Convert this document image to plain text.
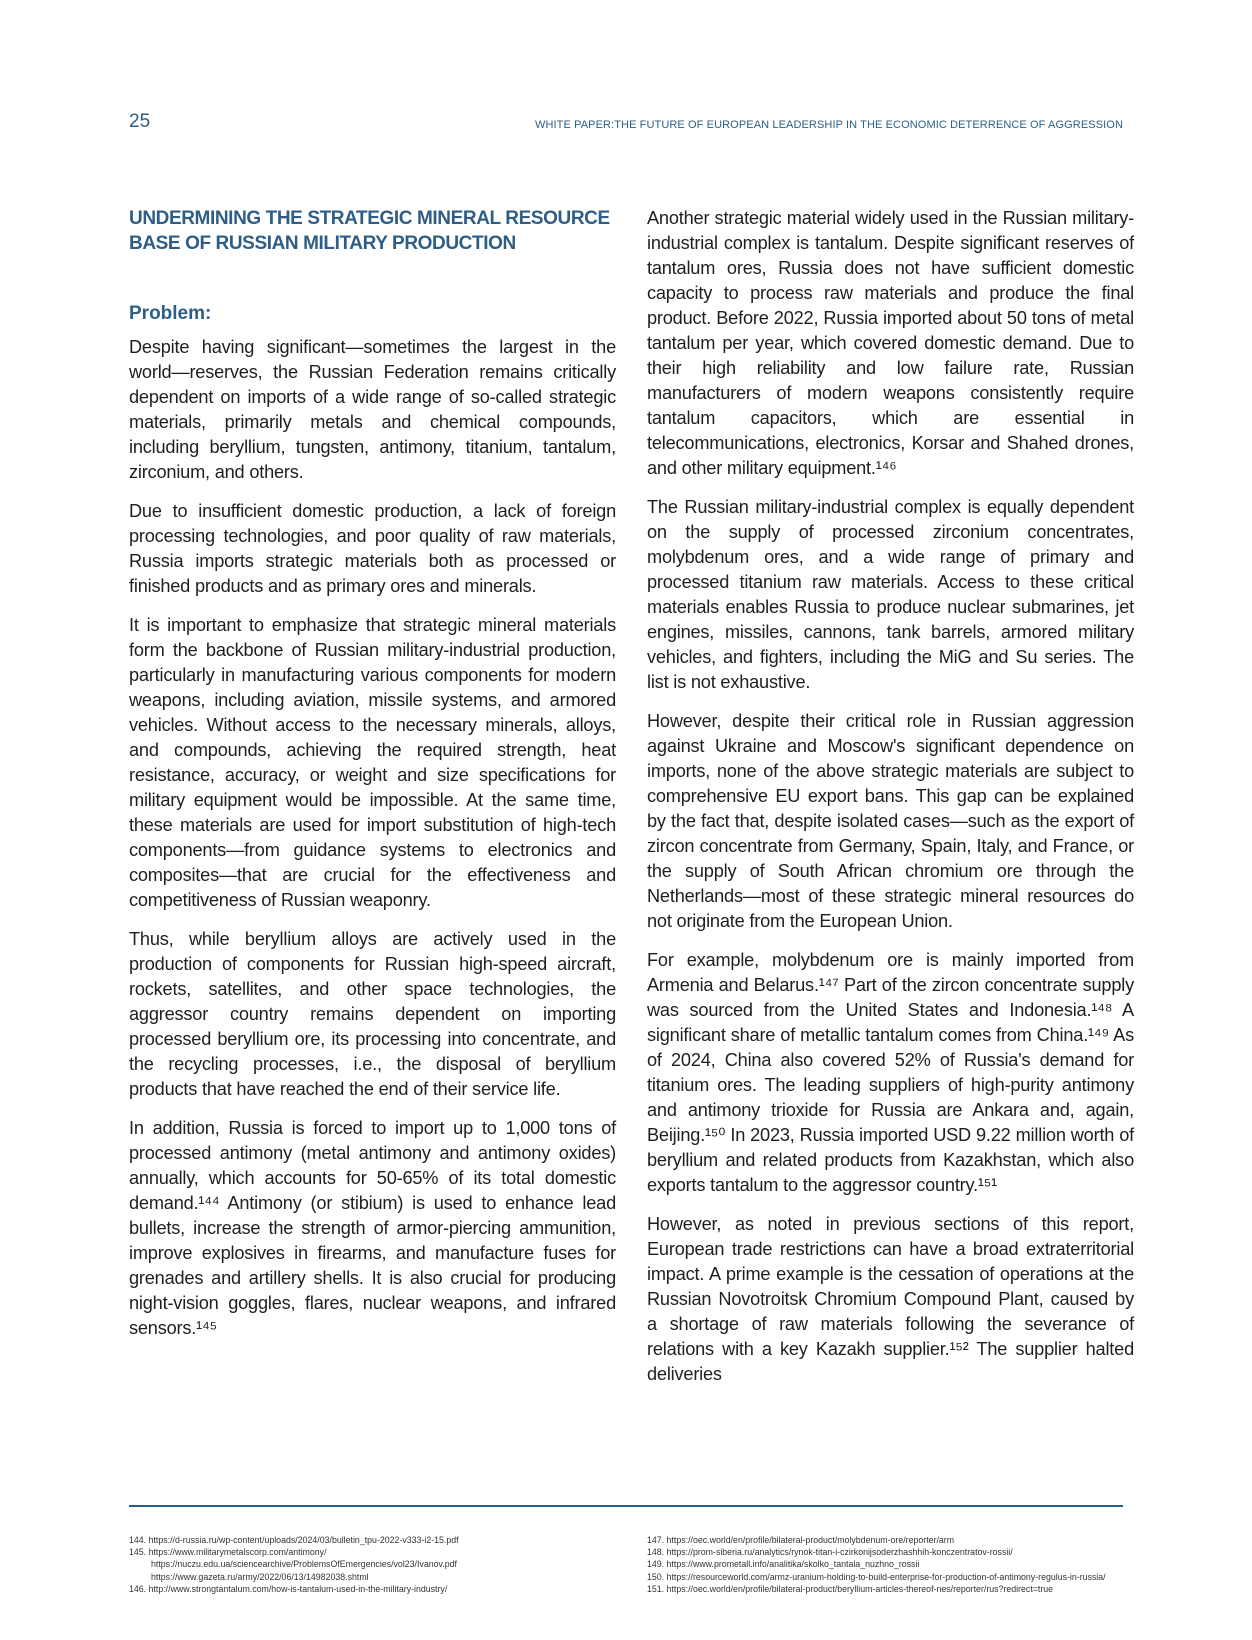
25	WHITE PAPER:THE FUTURE OF EUROPEAN LEADERSHIP IN THE ECONOMIC DETERRENCE OF AGGRESSION
UNDERMINING THE STRATEGIC MINERAL RESOURCE BASE OF RUSSIAN MILITARY PRODUCTION
Problem:

Despite having significant—sometimes the largest in the world—reserves, the Russian Federation remains critically dependent on imports of a wide range of so-called strategic materials, primarily metals and chemical compounds, including beryllium, tungsten, antimony, titanium, tantalum, zirconium, and others.

Due to insufficient domestic production, a lack of foreign processing technologies, and poor quality of raw materials, Russia imports strategic materials both as processed or finished products and as primary ores and minerals.

It is important to emphasize that strategic mineral materials form the backbone of Russian military-industrial production, particularly in manufacturing various components for modern weapons, including aviation, missile systems, and armored vehicles. Without access to the necessary minerals, alloys, and compounds, achieving the required strength, heat resistance, accuracy, or weight and size specifications for military equipment would be impossible. At the same time, these materials are used for import substitution of high-tech components—from guidance systems to electronics and composites—that are crucial for the effectiveness and competitiveness of Russian weaponry.

Thus, while beryllium alloys are actively used in the production of components for Russian high-speed aircraft, rockets, satellites, and other space technologies, the aggressor country remains dependent on importing processed beryllium ore, its processing into concentrate, and the recycling processes, i.e., the disposal of beryllium products that have reached the end of their service life.

In addition, Russia is forced to import up to 1,000 tons of processed antimony (metal antimony and antimony oxides) annually, which accounts for 50-65% of its total domestic demand.¹⁴⁴ Antimony (or stibium) is used to enhance lead bullets, increase the strength of armor-piercing ammunition, improve explosives in firearms, and manufacture fuses for grenades and artillery shells. It is also crucial for producing night-vision goggles, flares, nuclear weapons, and infrared sensors.¹⁴⁵

Another strategic material widely used in the Russian military-industrial complex is tantalum. Despite significant reserves of tantalum ores, Russia does not have sufficient domestic capacity to process raw materials and produce the final product. Before 2022, Russia imported about 50 tons of metal tantalum per year, which covered domestic demand. Due to their high reliability and low failure rate, Russian manufacturers of modern weapons consistently require tantalum capacitors, which are essential in telecommunications, electronics, Korsar and Shahed drones, and other military equipment.¹⁴⁶

The Russian military-industrial complex is equally dependent on the supply of processed zirconium concentrates, molybdenum ores, and a wide range of primary and processed titanium raw materials. Access to these critical materials enables Russia to produce nuclear submarines, jet engines, missiles, cannons, tank barrels, armored military vehicles, and fighters, including the MiG and Su series. The list is not exhaustive.

However, despite their critical role in Russian aggression against Ukraine and Moscow's significant dependence on imports, none of the above strategic materials are subject to comprehensive EU export bans. This gap can be explained by the fact that, despite isolated cases—such as the export of zircon concentrate from Germany, Spain, Italy, and France, or the supply of South African chromium ore through the Netherlands—most of these strategic mineral resources do not originate from the European Union.

For example, molybdenum ore is mainly imported from Armenia and Belarus.¹⁴⁷ Part of the zircon concentrate supply was sourced from the United States and Indonesia.¹⁴⁸ A significant share of metallic tantalum comes from China.¹⁴⁹ As of 2024, China also covered 52% of Russia's demand for titanium ores. The leading suppliers of high-purity antimony and antimony trioxide for Russia are Ankara and, again, Beijing.¹⁵⁰ In 2023, Russia imported USD 9.22 million worth of beryllium and related products from Kazakhstan, which also exports tantalum to the aggressor country.¹⁵¹

However, as noted in previous sections of this report, European trade restrictions can have a broad extraterritorial impact. A prime example is the cessation of operations at the Russian Novotroitsk Chromium Compound Plant, caused by a shortage of raw materials following the severance of relations with a key Kazakh supplier.¹⁵² The supplier halted deliveries

144. https://d-russia.ru/wp-content/uploads/2024/03/bulletin_tpu-2022-v333-i2-15.pdf
145. https://www.militarymetalscorp.com/antimony/
https://nuczu.edu.ua/sciencearchive/ProblemsOfEmergencies/vol23/Ivanov.pdf
https://www.gazeta.ru/army/2022/06/13/14982038.shtml
146. http://www.strongtantalum.com/how-is-tantalum-used-in-the-military-industry/
147. https://oec.world/en/profile/bilateral-product/molybdenum-ore/reporter/arm
148. https://prom-siberia.ru/analytics/rynok-titan-i-czirkonijsoderzhashhih-konczentratov-rossii/
149. https://www.prometall.info/analitika/skolko_tantala_nuzhno_rossii
150. https://resourceworld.com/armz-uranium-holding-to-build-enterprise-for-production-of-antimony-regulus-in-russia/
151. https://oec.world/en/profile/bilateral-product/beryllium-articles-thereof-nes/reporter/rus?redirect=true
